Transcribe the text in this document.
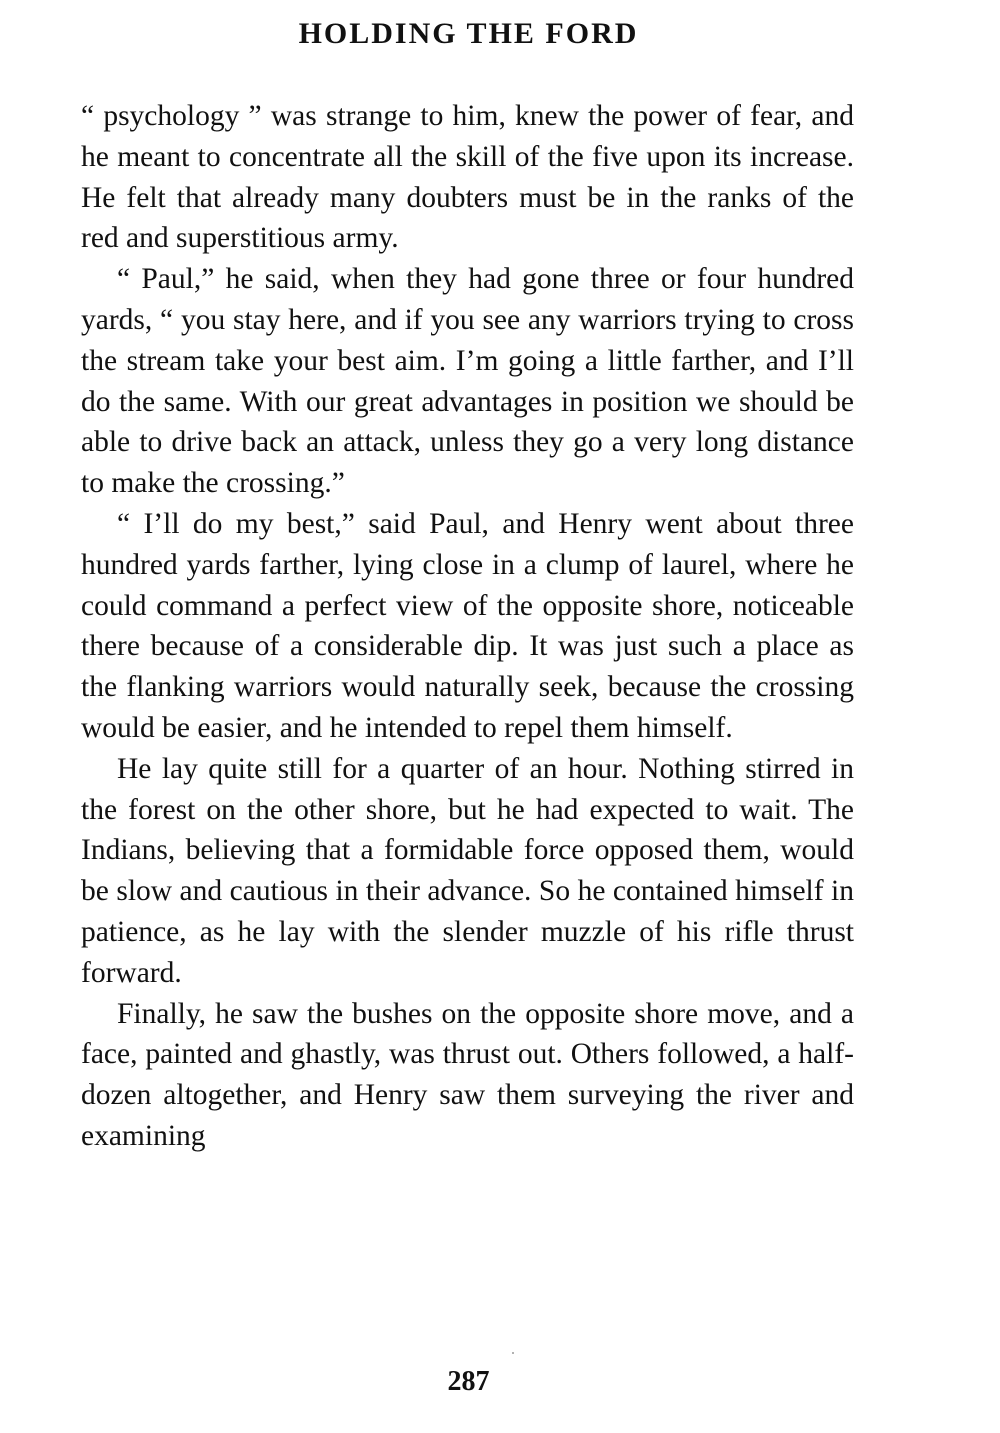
HOLDING THE FORD

“ psychology ” was strange to him, knew the power of fear, and he meant to concentrate all the skill of the five upon its increase. He felt that already many doubters must be in the ranks of the red and superstitious army.

“ Paul,” he said, when they had gone three or four hundred yards, “ you stay here, and if you see any warriors trying to cross the stream take your best aim. I’m going a little farther, and I’ll do the same. With our great advantages in position we should be able to drive back an attack, unless they go a very long distance to make the crossing.”

“ I’ll do my best,” said Paul, and Henry went about three hundred yards farther, lying close in a clump of laurel, where he could command a perfect view of the opposite shore, noticeable there because of a considerable dip. It was just such a place as the flanking warriors would naturally seek, because the crossing would be easier, and he intended to repel them himself.

He lay quite still for a quarter of an hour. Nothing stirred in the forest on the other shore, but he had expected to wait. The Indians, believing that a formidable force opposed them, would be slow and cautious in their advance. So he contained himself in patience, as he lay with the slender muzzle of his rifle thrust forward.

Finally, he saw the bushes on the opposite shore move, and a face, painted and ghastly, was thrust out. Others followed, a half-dozen altogether, and Henry saw them surveying the river and examining

287
